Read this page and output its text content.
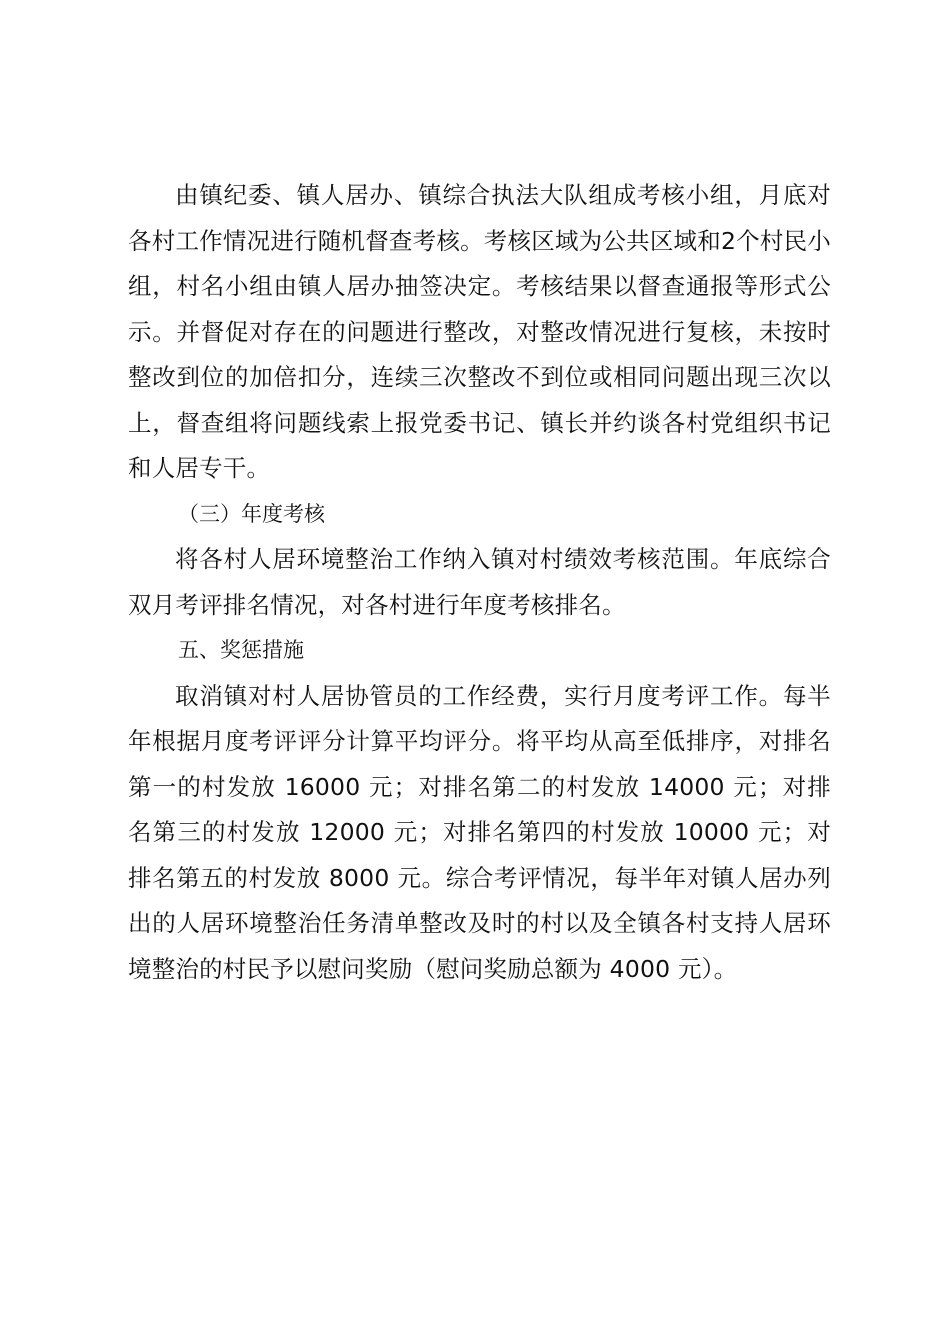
由镇纪委、镇人居办、镇综合执法大队组成考核小组，月底对各村工作情况进行随机督查考核。考核区域为公共区域和2个村民小组，村名小组由镇人居办抽签决定。考核结果以督查通报等形式公示。并督促对存在的问题进行整改，对整改情况进行复核，未按时整改到位的加倍扣分，连续三次整改不到位或相同问题出现三次以上，督查组将问题线索上报党委书记、镇长并约谈各村党组织书记和人居专干。

（三）年度考核

将各村人居环境整治工作纳入镇对村绩效考核范围。年底综合双月考评排名情况，对各村进行年度考核排名。

五、奖惩措施

取消镇对村人居协管员的工作经费，实行月度考评工作。每半年根据月度考评评分计算平均评分。将平均从高至低排序，对排名第一的村发放 16000 元；对排名第二的村发放 14000 元；对排名第三的村发放 12000 元；对排名第四的村发放 10000 元；对排名第五的村发放 8000 元。综合考评情况，每半年对镇人居办列出的人居环境整治任务清单整改及时的村以及全镇各村支持人居环境整治的村民予以慰问奖励（慰问奖励总额为 4000 元）。
